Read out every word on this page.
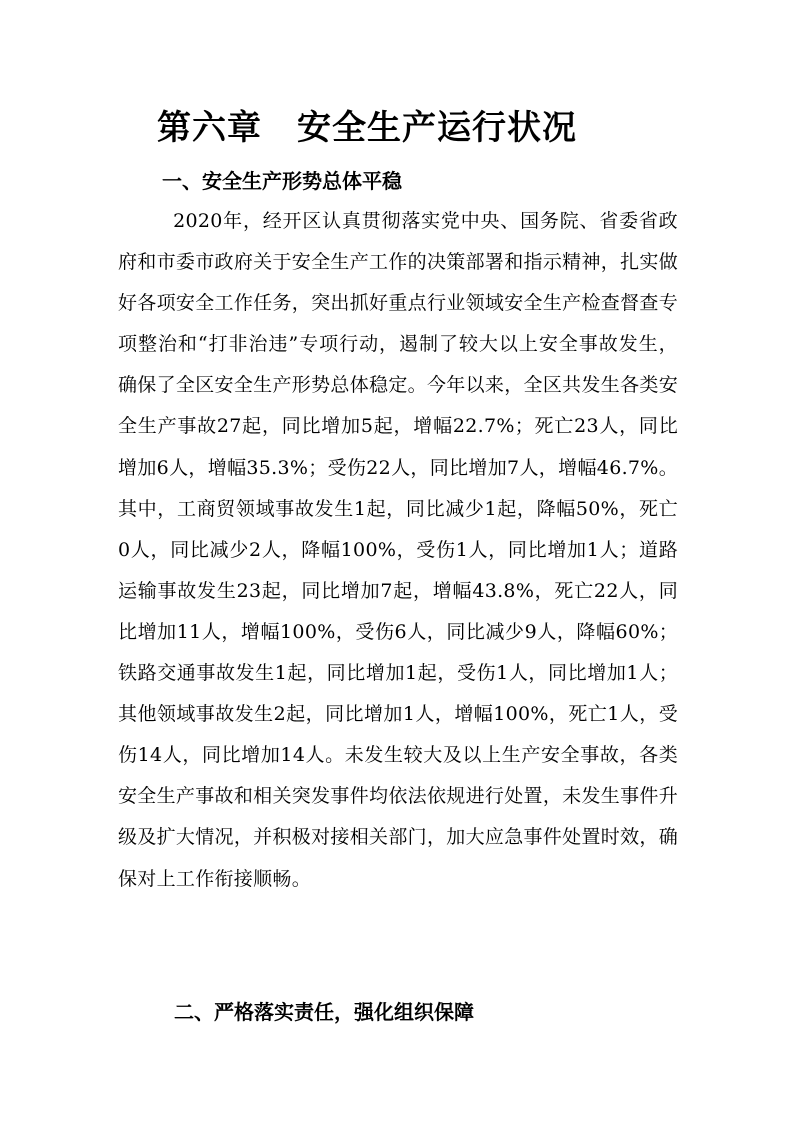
第六章　安全生产运行状况
一、安全生产形势总体平稳

2020年，经开区认真贯彻落实党中央、国务院、省委省政府和市委市政府关于安全生产工作的决策部署和指示精神，扎实做好各项安全工作任务，突出抓好重点行业领域安全生产检查督查专项整治和“打非治违”专项行动，遏制了较大以上安全事故发生，确保了全区安全生产形势总体稳定。今年以来，全区共发生各类安全生产事故27起，同比增加5起，增幅22.7%；死亡23人，同比增加6人，增幅35.3%；受伤22人，同比增加7人，增幅46.7%。其中，工商贸领域事故发生1起，同比减少1起，降幅50%，死亡0人，同比减少2人，降幅100%，受伤1人，同比增加1人；道路运输事故发生23起，同比增加7起，增幅43.8%，死亡22人，同比增加11人，增幅100%，受伤6人，同比减少9人，降幅60%；铁路交通事故发生1起，同比增加1起，受伤1人，同比增加1人；其他领域事故发生2起，同比增加1人，增幅100%，死亡1人，受伤14人，同比增加14人。未发生较大及以上生产安全事故，各类安全生产事故和相关突发事件均依法依规进行处置，未发生事件升级及扩大情况，并积极对接相关部门，加大应急事件处置时效，确保对上工作衔接顺畅。

二、严格落实责任，强化组织保障
